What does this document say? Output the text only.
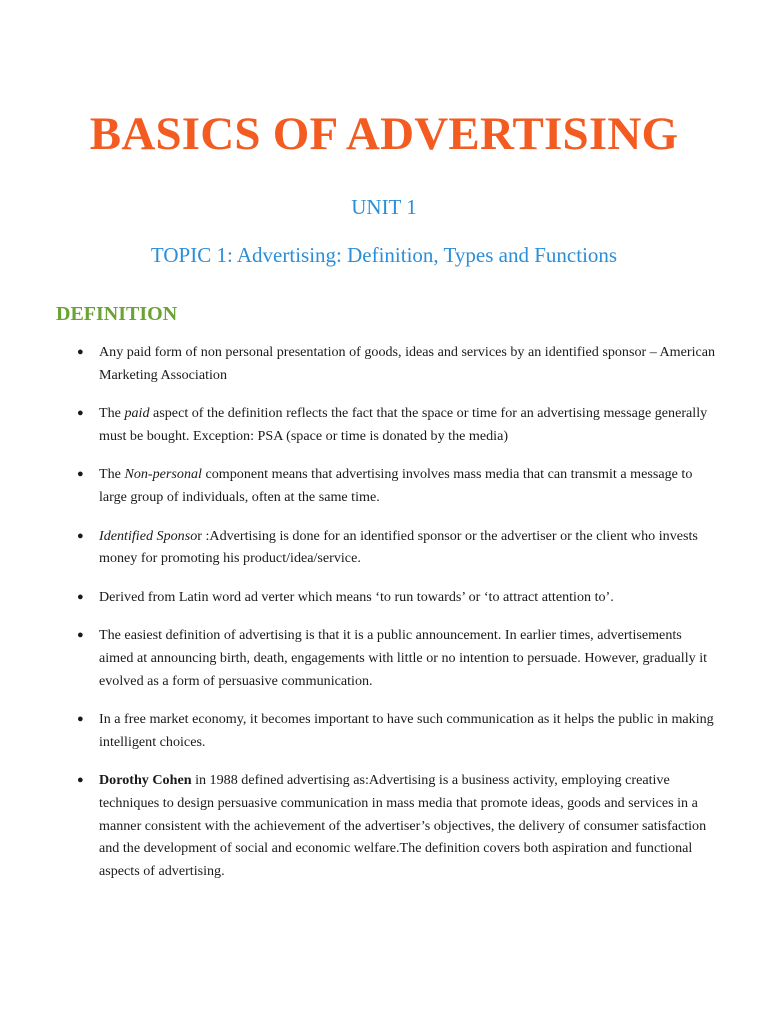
BASICS OF ADVERTISING
UNIT 1
TOPIC 1: Advertising: Definition, Types and Functions
DEFINITION
● Any paid form of non personal presentation of goods, ideas and services by an identified sponsor – American Marketing Association
● The paid aspect of the definition reflects the fact that the space or time for an advertising message generally must be bought. Exception: PSA (space or time is donated by the media)
● The Non-personal component means that advertising involves mass media that can transmit a message to large group of individuals, often at the same time.
● Identified Sponsor :Advertising is done for an identified sponsor or the advertiser or the client who invests money for promoting his product/idea/service.
● Derived from Latin word ad verter which means ‘to run towards’ or ‘to attract attention to’.
● The easiest definition of advertising is that it is a public announcement. In earlier times, advertisements aimed at announcing birth, death, engagements with little or no intention to persuade. However, gradually it evolved as a form of persuasive communication.
● In a free market economy, it becomes important to have such communication as it helps the public in making intelligent choices.
● Dorothy Cohen in 1988 defined advertising as:Advertising is a business activity, employing creative techniques to design persuasive communication in mass media that promote ideas, goods and services in a manner consistent with the achievement of the advertiser’s objectives, the delivery of consumer satisfaction and the development of social and economic welfare.The definition covers both aspiration and functional aspects of advertising.
